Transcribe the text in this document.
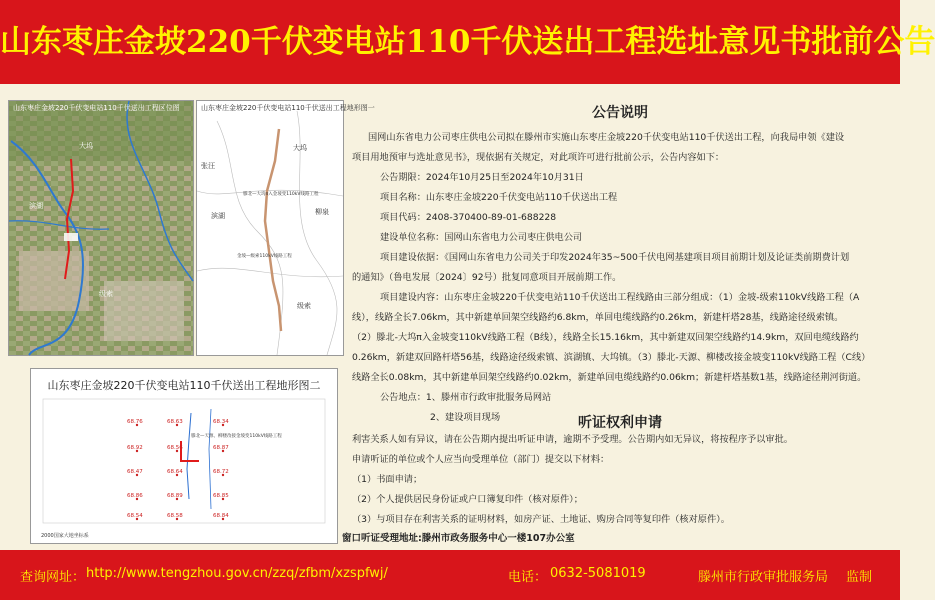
山东枣庄金坡220千伏变电站110千伏送出工程选址意见书批前公告
山东枣庄金坡220千伏变电站110千伏送出工程区位图
大坞
滨湖
级索
山东枣庄金坡220千伏变电站110千伏送出工程地形图一
大坞
张汪
滨湖
级索
柳泉
膝北—大坞π入金坡变110kV线路工程
金坡—级索110kV线路工程
山东枣庄金坡220千伏变电站110千伏送出工程地形图二
68.76	68.63	68.34
68.92	68.56	68.87
68.47	68.64	68.72
68.86	68.89	68.85
68.54	68.58	68.84
膝北—天源、柳楼改接金坡变110kV线路工程
2000国家大地坐标系
公告说明

国网山东省电力公司枣庄供电公司拟在滕州市实施山东枣庄金坡220千伏变电站110千伏送出工程，向我局申领《建设

项目用地预审与选址意见书》，现依据有关规定，对此项许可进行批前公示，公告内容如下：

公告期限：2024年10月25日至2024年10月31日

项目名称：山东枣庄金坡220千伏变电站110千伏送出工程

项目代码：2408-370400-89-01-688228

建设单位名称：国网山东省电力公司枣庄供电公司

项目建设依据：《国网山东省电力公司关于印发2024年35~500千伏电网基建项目项目前期计划及论证类前期费计划

的通知》（鲁电发展〔2024〕92号）批复同意项目开展前期工作。

项目建设内容：山东枣庄金坡220千伏变电站110千伏送出工程线路由三部分组成：（1）金坡-级索110kV线路工程（A

线），线路全长7.06km，其中新建单回架空线路约6.8km，单回电缆线路约0.26km，新建杆塔28基，线路途径级索镇。

（2）滕北-大坞π入金坡变110kV线路工程（B线），线路全长15.16km，其中新建双回架空线路约14.9km，双回电缆线路约

0.26km，新建双回路杆塔56基，线路途径级索镇、滨湖镇、大坞镇。（3）滕北-天源、柳楼改接金坡变110kV线路工程（C线）

线路全长0.08km，其中新建单回架空线路约0.02km，新建单回电缆线路约0.06km；新建杆塔基数1基，线路途径荆河街道。

公告地点：1、滕州市行政审批服务局网站

2、建设项目现场	听证权利申请

利害关系人如有异议，请在公告期内提出听证申请，逾期不予受理。公告期内如无异议，将按程序予以审批。

申请听证的单位或个人应当向受理单位（部门）提交以下材料：

（1）书面申请；

（2）个人提供居民身份证或户口簿复印件（核对原件）；

（3）与项目存在利害关系的证明材料，如房产证、土地证、购房合同等复印件（核对原件）。

窗口听证受理地址:滕州市政务服务中心一楼107办公室
查询网址： http://www.tengzhou.gov.cn/zzq/zfbm/xzspfwj/	电话： 0632-5081019	滕州市行政审批服务局 监制
